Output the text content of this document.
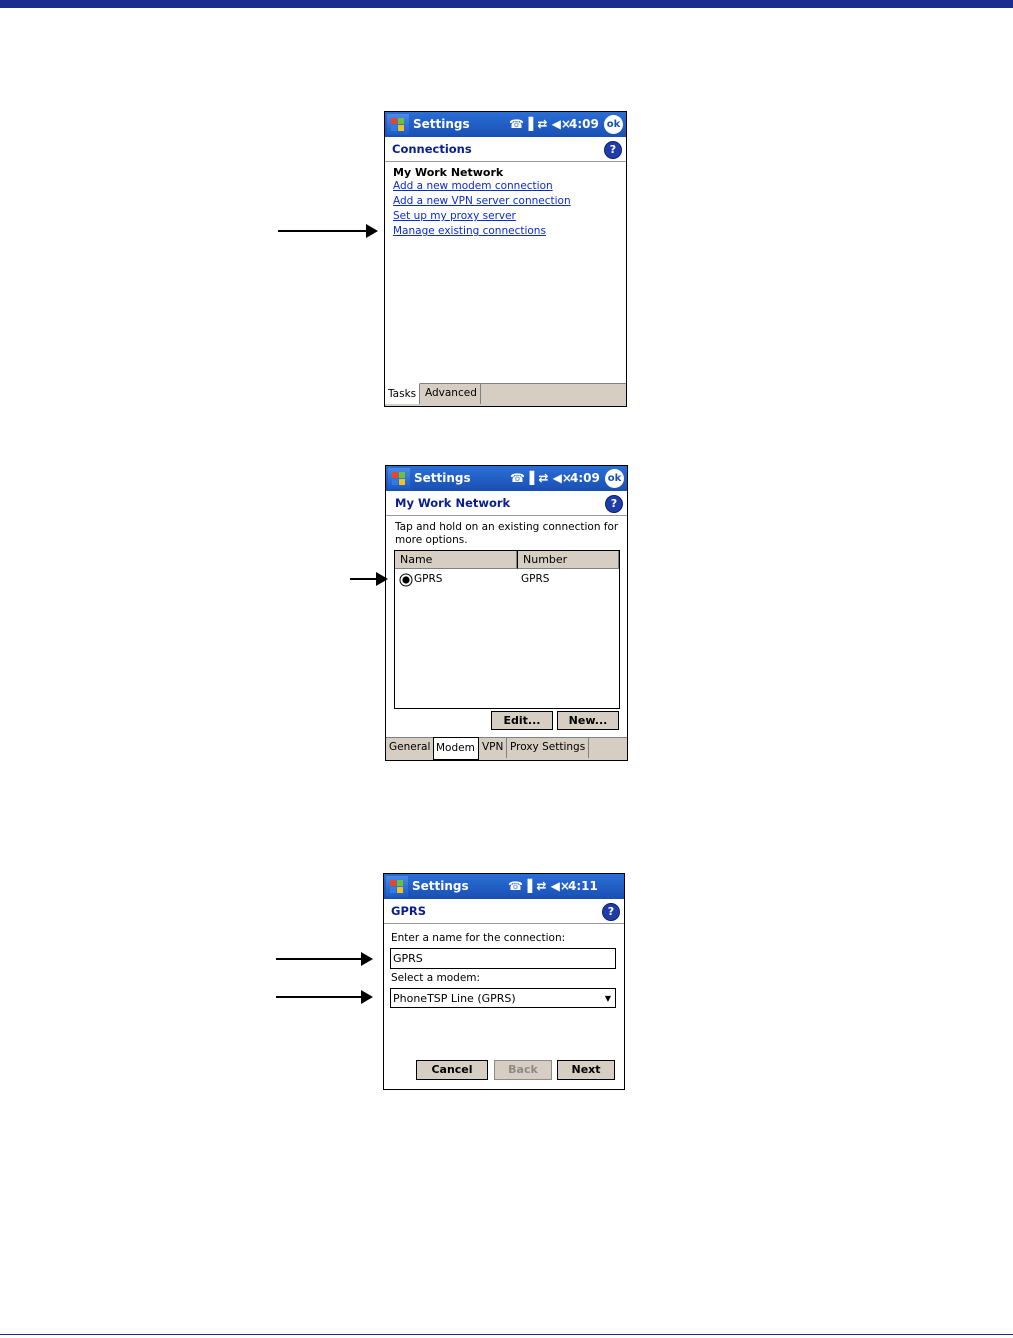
Settings	☎▐ ⇄ ◀×
4:09 ok
Connections	?
My Work Network
Add a new modem connection
Add a new VPN server connection
Set up my proxy server
Manage existing connections
Tasks Advanced
Settings	☎▐ ⇄ ◀×
4:09 ok
My Work Network	?
Tap and hold on an existing connection for
more options.
Name	Number
GPRS	GPRS
Edit...	New...
General Modem VPN Proxy Settings
Settings	☎▐ ⇄ ◀×
4:11
GPRS	?
Enter a name for the connection:
GPRS
Select a modem:
PhoneTSP Line (GPRS)	▼
Cancel	Back	Next
